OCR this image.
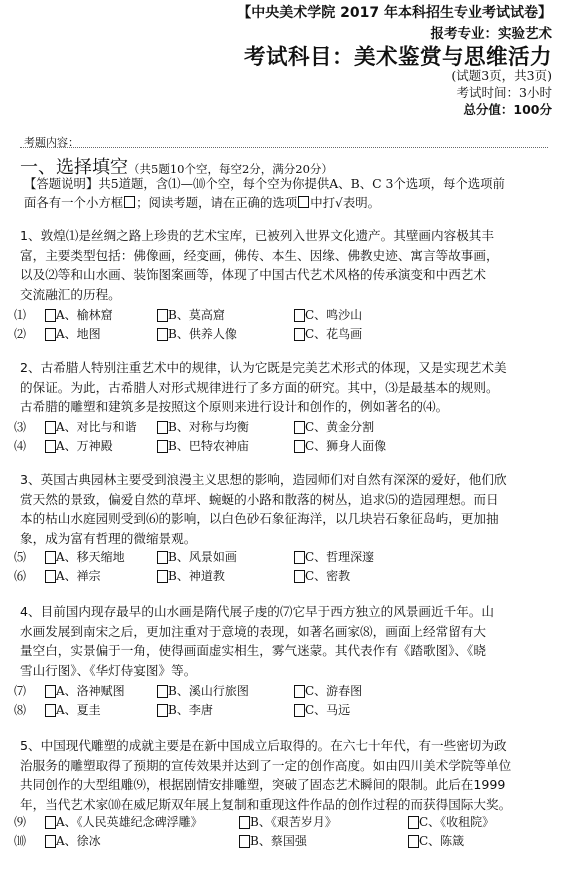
【中央美术学院 2017 年本科招生专业考试试卷】
报考专业：实验艺术
考试科目：美术鉴赏与思维活力
(试题3页，共3页)
考试时间：3小时
总分值：100分
考题内容：
一、选择填空（共5题10个空，每空2分，满分20分）
【答题说明】共5道题，含⑴—⑽个空，每个空为你提供A、B、C 3个选项，每个选项前
面各有一个小方框 ；阅读考题，请在正确的选项 中打√表明。
1、敦煌⑴是丝绸之路上珍贵的艺术宝库，已被列入世界文化遗产。其壁画内容极其丰
富，主要类型包括：佛像画，经变画，佛传、本生、因缘、佛教史迹、寓言等故事画，
以及⑵等和山水画、装饰图案画等，体现了中国古代艺术风格的传承演变和中西艺术
交流融汇的历程。
⑴ A、榆林窟	B、莫高窟	C、鸣沙山
⑵ A、地图	B、供养人像	C、花鸟画
2、古希腊人特别注重艺术中的规律，认为它既是完美艺术形式的体现，又是实现艺术美
的保证。为此，古希腊人对形式规律进行了多方面的研究。其中，⑶是最基本的规则。
古希腊的雕塑和建筑多是按照这个原则来进行设计和创作的，例如著名的⑷。
⑶ A、对比与和谐	B、对称与均衡	C、黄金分割
⑷ A、万神殿	B、巴特农神庙	C、狮身人面像
3、英国古典园林主要受到浪漫主义思想的影响，造园师们对自然有深深的爱好，他们欣
赏天然的景致，偏爱自然的草坪、蜿蜒的小路和散落的树丛，追求⑸的造园理想。而日
本的枯山水庭园则受到⑹的影响，以白色砂石象征海洋，以几块岩石象征岛屿，更加抽
象，成为富有哲理的微缩景观。
⑸ A、移天缩地	B、风景如画	C、哲理深邃
⑹ A、禅宗	B、神道教	C、密教
4、目前国内现存最早的山水画是隋代展子虔的⑺它早于西方独立的风景画近千年。山
水画发展到南宋之后，更加注重对于意境的表现，如著名画家⑻，画面上经常留有大
量空白，实景偏于一角，使得画面虚实相生，雾气迷蒙。其代表作有《踏歌图》、《晓
雪山行图》、《华灯侍宴图》等。
⑺ A、洛神赋图	B、溪山行旅图	C、游春图
⑻ A、夏圭	B、李唐	C、马远
5、中国现代雕塑的成就主要是在新中国成立后取得的。在六七十年代，有一些密切为政
治服务的雕塑取得了预期的宣传效果并达到了一定的创作高度。如由四川美术学院等单位
共同创作的大型组雕⑼，根据剧情安排雕塑，突破了固态艺术瞬间的限制。此后在1999
年，当代艺术家⑽在威尼斯双年展上复制和重现这件作品的创作过程的而获得国际大奖。
⑼ A、《人民英雄纪念碑浮雕》	B、《艰苦岁月》	C、《收租院》
⑽ A、徐冰	B、蔡国强	C、陈箴
